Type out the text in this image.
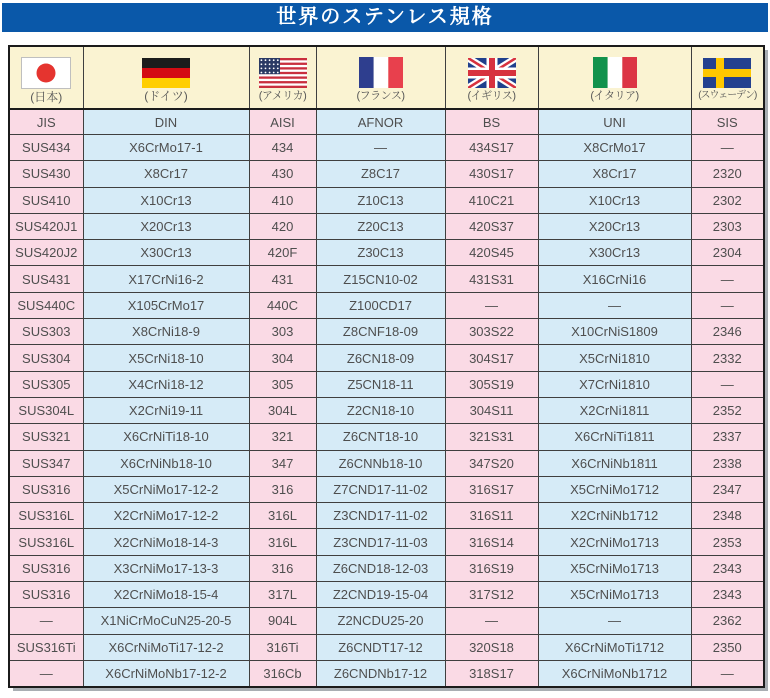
世界のステンレス規格
(日本)	(ドイツ)	(アメリカ)	(フランス)	(イギリス)	(イタリア)	(スウェーデン)

JIS	DIN	AISI	AFNOR	BS	UNI	SIS
SUS434	X6CrMo17-1	434	—	434S17	X8CrMo17	—
SUS430	X8Cr17	430	Z8C17	430S17	X8Cr17	2320
SUS410	X10Cr13	410	Z10C13	410C21	X10Cr13	2302
SUS420J1	X20Cr13	420	Z20C13	420S37	X20Cr13	2303
SUS420J2	X30Cr13	420F	Z30C13	420S45	X30Cr13	2304
SUS431	X17CrNi16-2	431	Z15CN10-02	431S31	X16CrNi16	—
SUS440C	X105CrMo17	440C	Z100CD17	—	—	—
SUS303	X8CrNi18-9	303	Z8CNF18-09	303S22	X10CrNiS1809	2346
SUS304	X5CrNi18-10	304	Z6CN18-09	304S17	X5CrNi1810	2332
SUS305	X4CrNi18-12	305	Z5CN18-11	305S19	X7CrNi1810	—
SUS304L	X2CrNi19-11	304L	Z2CN18-10	304S11	X2CrNi1811	2352
SUS321	X6CrNiTi18-10	321	Z6CNT18-10	321S31	X6CrNiTi1811	2337
SUS347	X6CrNiNb18-10	347	Z6CNNb18-10	347S20	X6CrNiNb1811	2338
SUS316	X5CrNiMo17-12-2	316	Z7CND17-11-02	316S17	X5CrNiMo1712	2347
SUS316L	X2CrNiMo17-12-2	316L	Z3CND17-11-02	316S11	X2CrNiNb1712	2348
SUS316L	X2CrNiMo18-14-3	316L	Z3CND17-11-03	316S14	X2CrNiMo1713	2353
SUS316	X3CrNiMo17-13-3	316	Z6CND18-12-03	316S19	X5CrNiMo1713	2343
SUS316	X2CrNiMo18-15-4	317L	Z2CND19-15-04	317S12	X5CrNiMo1713	2343
—	X1NiCrMoCuN25-20-5	904L	Z2NCDU25-20	—	—	2362
SUS316Ti	X6CrNiMoTi17-12-2	316Ti	Z6CNDT17-12	320S18	X6CrNiMoTi1712	2350
—	X6CrNiMoNb17-12-2	316Cb	Z6CNDNb17-12	318S17	X6CrNiMoNb1712	—
